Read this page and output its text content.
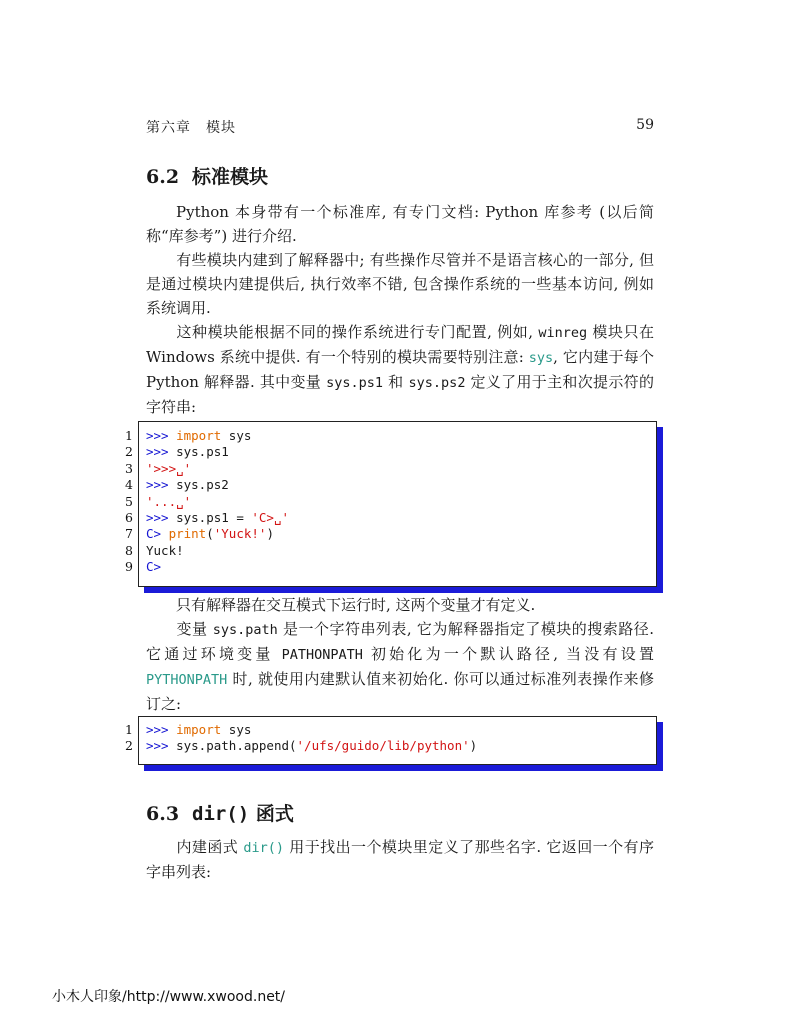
第六章　模块	59
6.2 标准模块

Python 本身带有一个标准库, 有专门文档: Python 库参考 (以后简称“库参考”) 进行介绍.

有些模块内建到了解释器中; 有些操作尽管并不是语言核心的一部分, 但是通过模块内建提供后, 执行效率不错, 包含操作系统的一些基本访问, 例如系统调用.

这种模块能根据不同的操作系统进行专门配置, 例如, winreg 模块只在 Windows 系统中提供. 有一个特别的模块需要特别注意: sys, 它内建于每个 Python 解释器. 其中变量 sys.ps1 和 sys.ps2 定义了用于主和次提示符的字符串:

1 >>> import sys
2 >>> sys.ps1
3 '>>>␣'
4 >>> sys.ps2
5 '...␣'
6 >>> sys.ps1 = 'C>␣'
7 C> print('Yuck!')
8 Yuck!
9 C>

只有解释器在交互模式下运行时, 这两个变量才有定义.

变量 sys.path 是一个字符串列表, 它为解释器指定了模块的搜索路径. 它通过环境变量 PATHONPATH 初始化为一个默认路径, 当没有设置 PYTHONPATH 时, 就使用内建默认值来初始化. 你可以通过标准列表操作来修订之:

1 >>> import sys
2 >>> sys.path.append('/ufs/guido/lib/python')
6.3 dir() 函式

内建函式 dir() 用于找出一个模块里定义了那些名字. 它返回一个有序字串列表:

小木人印象/http://www.xwood.net/
